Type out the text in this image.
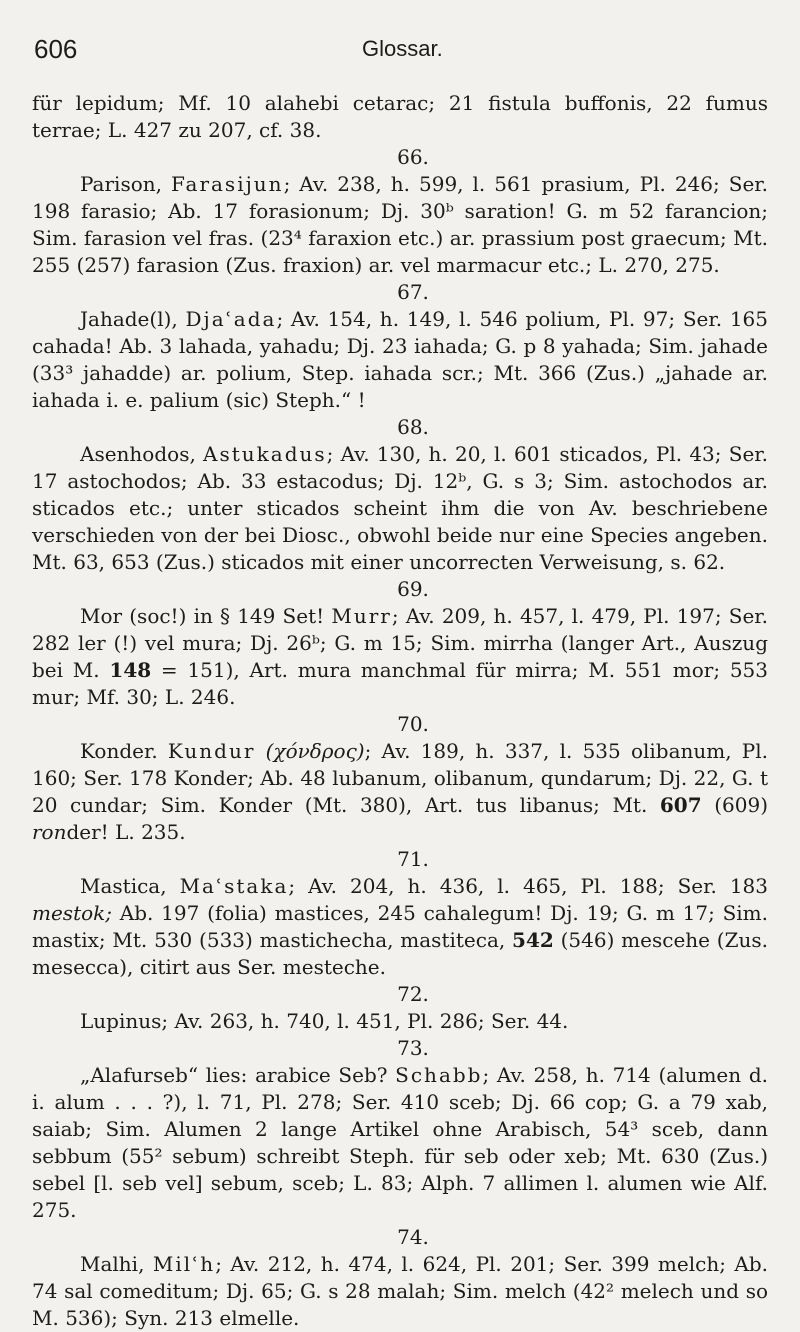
606	Glossar.

für lepidum; Mf. 10 alahebi cetarac; 21 fistula buffonis, 22 fumus terrae; L. 427 zu 207, cf. 38.

66.

Parison, Farasijun; Av. 238, h. 599, l. 561 prasium, Pl. 246; Ser. 198 farasio; Ab. 17 forasionum; Dj. 30ᵇ saration! G. m 52 farancion; Sim. farasion vel fras. (23⁴ faraxion etc.) ar. prassium post graecum; Mt. 255 (257) farasion (Zus. fraxion) ar. vel marmacur etc.; L. 270, 275.

67.

Jahade(l), Djaʿada; Av. 154, h. 149, l. 546 polium, Pl. 97; Ser. 165 cahada! Ab. 3 lahada, yahadu; Dj. 23 iahada; G. p 8 yahada; Sim. jahade (33³ jahadde) ar. polium, Step. iahada scr.; Mt. 366 (Zus.) „jahade ar. iahada i. e. palium (sic) Steph.“ !

68.

Asenhodos, Astukadus; Av. 130, h. 20, l. 601 sticados, Pl. 43; Ser. 17 astochodos; Ab. 33 estacodus; Dj. 12ᵇ, G. s 3; Sim. astochodos ar. sticados etc.; unter sticados scheint ihm die von Av. beschriebene verschieden von der bei Diosc., obwohl beide nur eine Species angeben. Mt. 63, 653 (Zus.) sticados mit einer uncorrecten Verweisung, s. 62.

69.

Mor (soc!) in § 149 Set! Murr; Av. 209, h. 457, l. 479, Pl. 197; Ser. 282 ler (!) vel mura; Dj. 26ᵇ; G. m 15; Sim. mirrha (langer Art., Auszug bei M. 148 = 151), Art. mura manchmal für mirra; M. 551 mor; 553 mur; Mf. 30; L. 246.

70.

Konder. Kundur (χόνδρος); Av. 189, h. 337, l. 535 olibanum, Pl. 160; Ser. 178 Konder; Ab. 48 lubanum, olibanum, qundarum; Dj. 22, G. t 20 cundar; Sim. Konder (Mt. 380), Art. tus libanus; Mt. 607 (609) ronder! L. 235.

71.

Mastica, Maʿstaka; Av. 204, h. 436, l. 465, Pl. 188; Ser. 183 mestok; Ab. 197 (folia) mastices, 245 cahalegum! Dj. 19; G. m 17; Sim. mastix; Mt. 530 (533) mastichecha, mastiteca, 542 (546) mescehe (Zus. mesecca), citirt aus Ser. mesteche.

72.

Lupinus; Av. 263, h. 740, l. 451, Pl. 286; Ser. 44.

73.

„Alafurseb“ lies: arabice Seb? Schabb; Av. 258, h. 714 (alumen d. i. alum . . . ?), l. 71, Pl. 278; Ser. 410 sceb; Dj. 66 cop; G. a 79 xab, saiab; Sim. Alumen 2 lange Artikel ohne Arabisch, 54³ sceb, dann sebbum (55² sebum) schreibt Steph. für seb oder xeb; Mt. 630 (Zus.) sebel [l. seb vel] sebum, sceb; L. 83; Alph. 7 allimen l. alumen wie Alf. 275.

74.

Malhi, Milʿh; Av. 212, h. 474, l. 624, Pl. 201; Ser. 399 melch; Ab. 74 sal comeditum; Dj. 65; G. s 28 malah; Sim. melch (42² melech und so M. 536); Syn. 213 elmelle.
